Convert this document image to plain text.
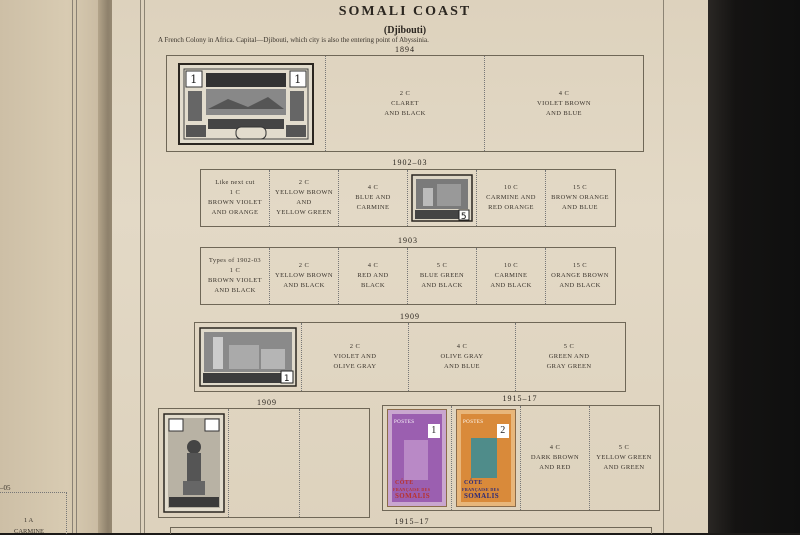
–05
1 A
CARMINE
SOMALI COAST
(Djibouti)
A French Colony in Africa. Capital—Djibouti, which city is also the entering point of Abyssinia.
1894
1	1
2 C
CLARET
AND BLACK
4 C
VIOLET BROWN
AND BLUE
1902–03
Like next cut
1 C
BROWN VIOLET
AND ORANGE
2 C
YELLOW BROWN
AND
YELLOW GREEN
4 C
BLUE AND
CARMINE
5
10 C
CARMINE AND
RED ORANGE
15 C
BROWN ORANGE
AND BLUE
1903
Types of 1902-03
1 C
BROWN VIOLET
AND BLACK
2 C
YELLOW BROWN
AND BLACK
4 C
RED AND
BLACK
5 C
BLUE GREEN
AND BLACK
10 C
CARMINE
AND BLACK
15 C
ORANGE BROWN
AND BLACK
1909
1
2 C
VIOLET AND
OLIVE GRAY
4 C
OLIVE GRAY
AND BLUE
5 C
GREEN AND
GRAY GREEN
1909	1915–17
POSTES
1
CÔTE
FRANÇAISE DES
SOMALIS
POSTES
2
CÔTE
FRANÇAISE DES
SOMALIS
4 C
DARK BROWN
AND RED
5 C
YELLOW GREEN
AND GREEN
1915–17
